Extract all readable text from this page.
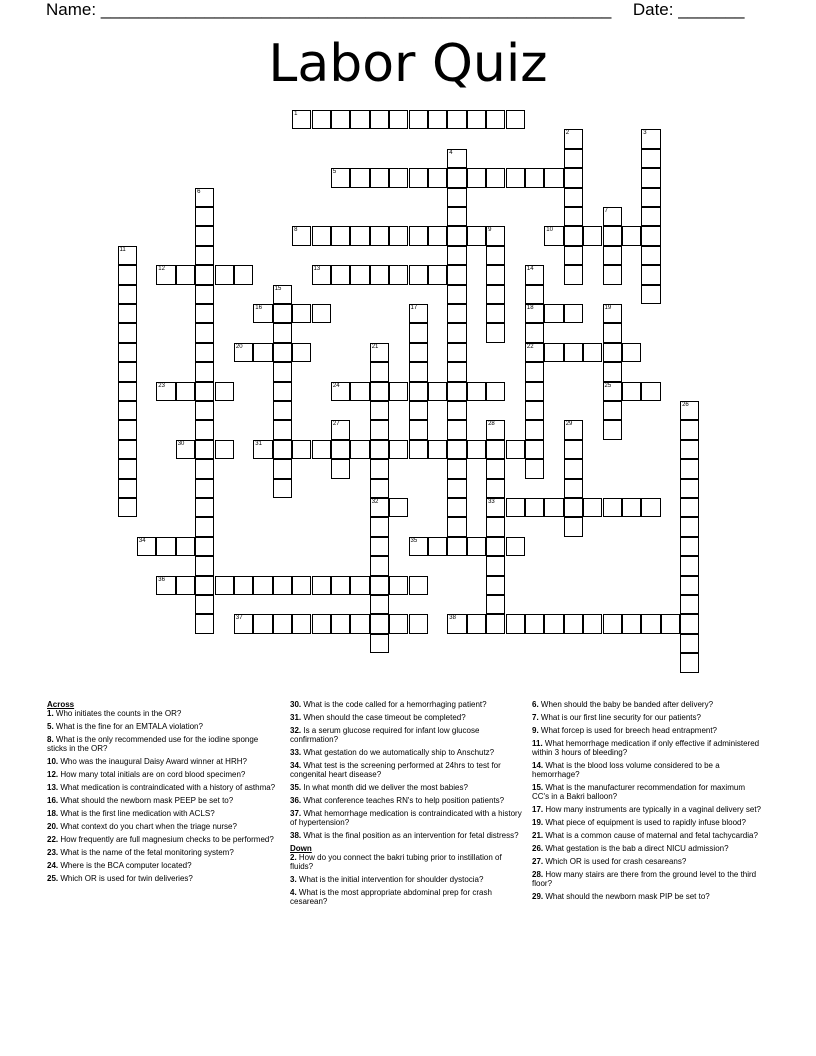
Name: ______________________________________________________ Date: _______
Labor Quiz
1
2	3
4
5
6
7
8	9	10
11
12	13	14
18
22
15
16	17	19
25
20	21
32
23	24
26
27	28
33
29
30	31
34	35
36
37	38
Across
1. Who initiates the counts in the OR?
5. What is the fine for an EMTALA violation?
8. What is the only recommended use for the iodine sponge sticks in the OR?
10. Who was the inaugural Daisy Award winner at HRH?
12. How many total initials are on cord blood specimen?
13. What medication is contraindicated with a history of asthma?
16. What should the newborn mask PEEP be set to?
18. What is the first line medication with ACLS?
20. What context do you chart when the triage nurse?
22. How frequently are full magnesium checks to be performed?
23. What is the name of the fetal monitoring system?
24. Where is the BCA computer located?
25. Which OR is used for twin deliveries?
30. What is the code called for a hemorrhaging patient?
31. When should the case timeout be completed?
32. Is a serum glucose required for infant low glucose confirmation?
33. What gestation do we automatically ship to Anschutz?
34. What test is the screening performed at 24hrs to test for congenital heart disease?
35. In what month did we deliver the most babies?
36. What conference teaches RN's to help position patients?
37. What hemorrhage medication is contraindicated with a history of hypertension?
38. What is the final position as an intervention for fetal distress?
Down
2. How do you connect the bakri tubing prior to instillation of fluids?
3. What is the initial intervention for shoulder dystocia?
4. What is the most appropriate abdominal prep for crash cesarean?
6. When should the baby be banded after delivery?
7. What is our first line security for our patients?
9. What forcep is used for breech head entrapment?
11. What hemorrhage medication if only effective if administered within 3 hours of bleeding?
14. What is the blood loss volume considered to be a hemorrhage?
15. What is the manufacturer recommendation for maximum CC's in a Bakri balloon?
17. How many instruments are typically in a vaginal delivery set?
19. What piece of equipment is used to rapidly infuse blood?
21. What is a common cause of maternal and fetal tachycardia?
26. What gestation is the bab a direct NICU admission?
27. Which OR is used for crash cesareans?
28. How many stairs are there from the ground level to the third floor?
29. What should the newborn mask PIP be set to?
